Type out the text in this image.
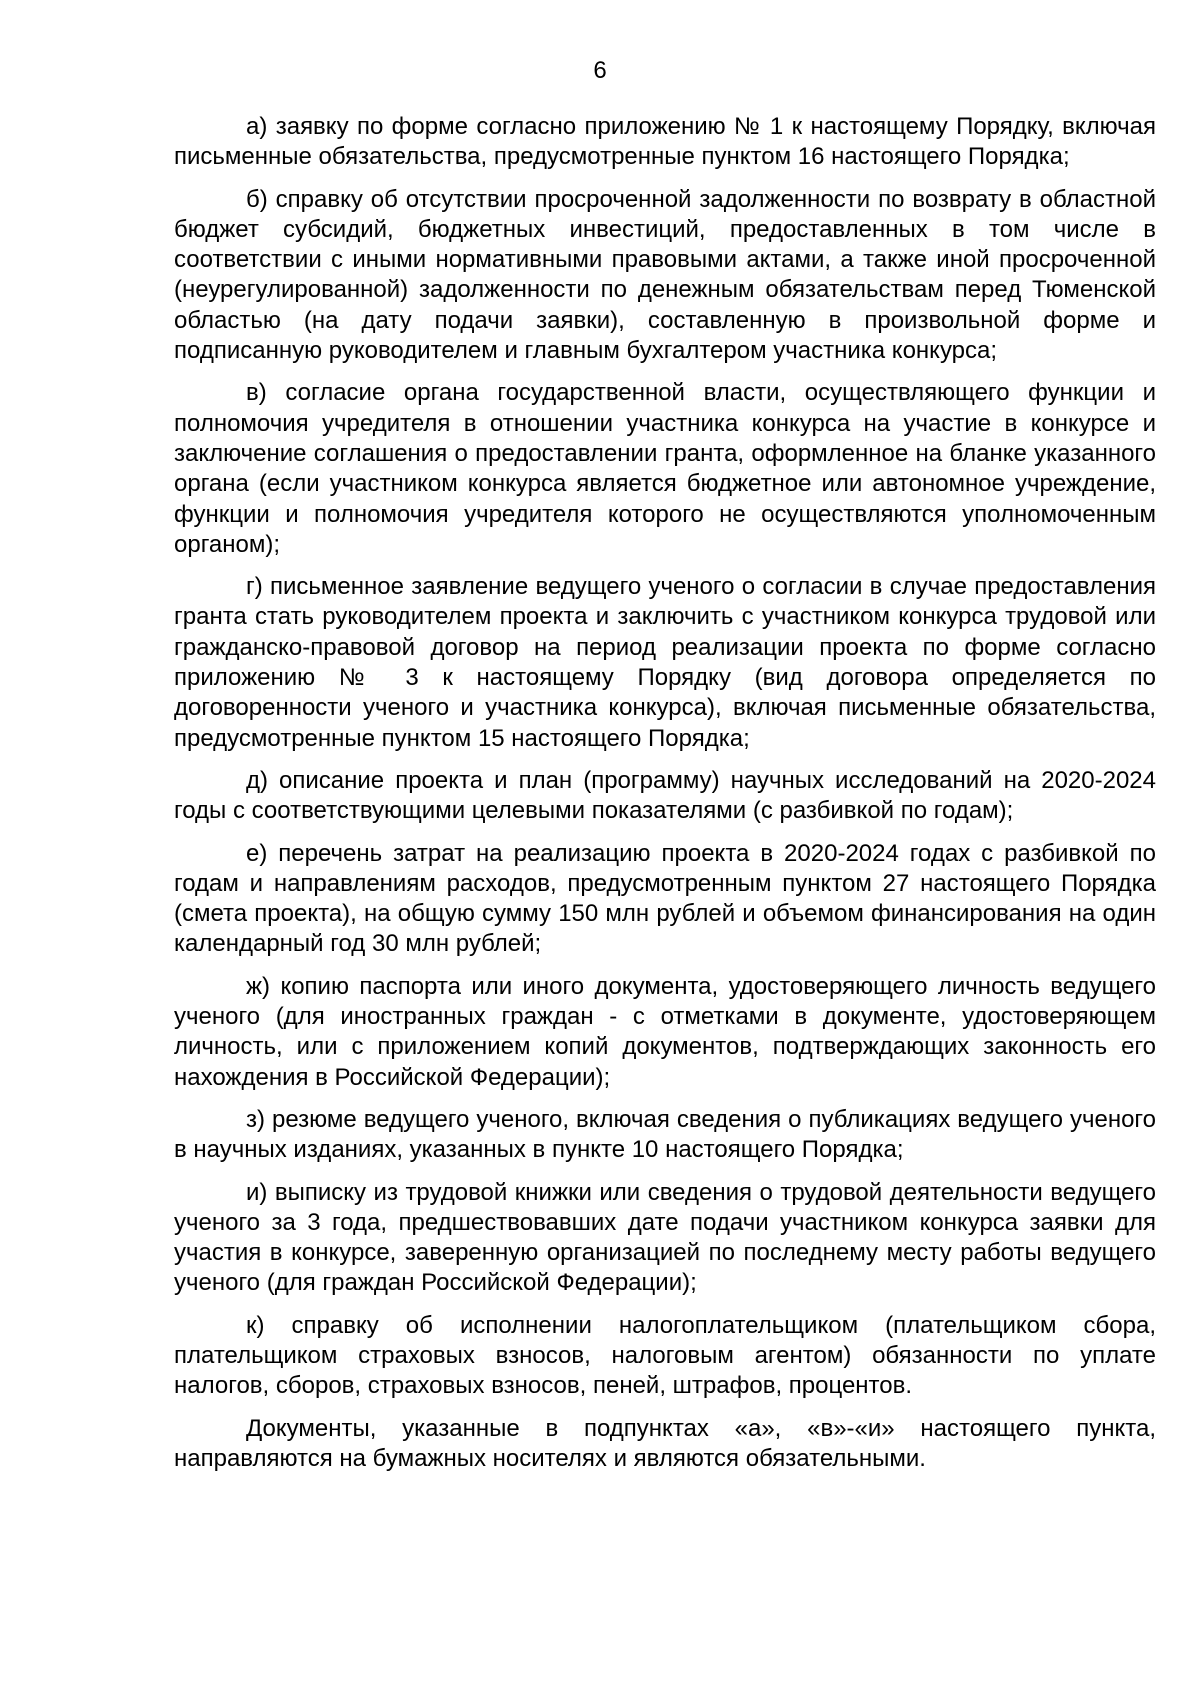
6

а) заявку по форме согласно приложению № 1 к настоящему Порядку, включая письменные обязательства, предусмотренные пунктом 16 настоящего Порядка;

б) справку об отсутствии просроченной задолженности по возврату в областной бюджет субсидий, бюджетных инвестиций, предоставленных в том числе в соответствии с иными нормативными правовыми актами, а также иной просроченной (неурегулированной) задолженности по денежным обязательствам перед Тюменской областью (на дату подачи заявки), составленную в произвольной форме и подписанную руководителем и главным бухгалтером участника конкурса;

в) согласие органа государственной власти, осуществляющего функции и полномочия учредителя в отношении участника конкурса на участие в конкурсе и заключение соглашения о предоставлении гранта, оформленное на бланке указанного органа (если участником конкурса является бюджетное или автономное учреждение, функции и полномочия учредителя которого не осуществляются уполномоченным органом);

г) письменное заявление ведущего ученого о согласии в случае предоставления гранта стать руководителем проекта и заключить с участником конкурса трудовой или гражданско-правовой договор на период реализации проекта по форме согласно приложению № 3 к настоящему Порядку (вид договора определяется по договоренности ученого и участника конкурса), включая письменные обязательства, предусмотренные пунктом 15 настоящего Порядка;

д) описание проекта и план (программу) научных исследований на 2020-2024 годы с соответствующими целевыми показателями (с разбивкой по годам);

е) перечень затрат на реализацию проекта в 2020-2024 годах с разбивкой по годам и направлениям расходов, предусмотренным пунктом 27 настоящего Порядка (смета проекта), на общую сумму 150 млн рублей и объемом финансирования на один календарный год 30 млн рублей;

ж) копию паспорта или иного документа, удостоверяющего личность ведущего ученого (для иностранных граждан - с отметками в документе, удостоверяющем личность, или с приложением копий документов, подтверждающих законность его нахождения в Российской Федерации);

з) резюме ведущего ученого, включая сведения о публикациях ведущего ученого в научных изданиях, указанных в пункте 10 настоящего Порядка;

и) выписку из трудовой книжки или сведения о трудовой деятельности ведущего ученого за 3 года, предшествовавших дате подачи участником конкурса заявки для участия в конкурсе, заверенную организацией по последнему месту работы ведущего ученого (для граждан Российской Федерации);

к) справку об исполнении налогоплательщиком (плательщиком сбора, плательщиком страховых взносов, налоговым агентом) обязанности по уплате налогов, сборов, страховых взносов, пеней, штрафов, процентов.

Документы, указанные в подпунктах «а», «в»-«и» настоящего пункта, направляются на бумажных носителях и являются обязательными.
